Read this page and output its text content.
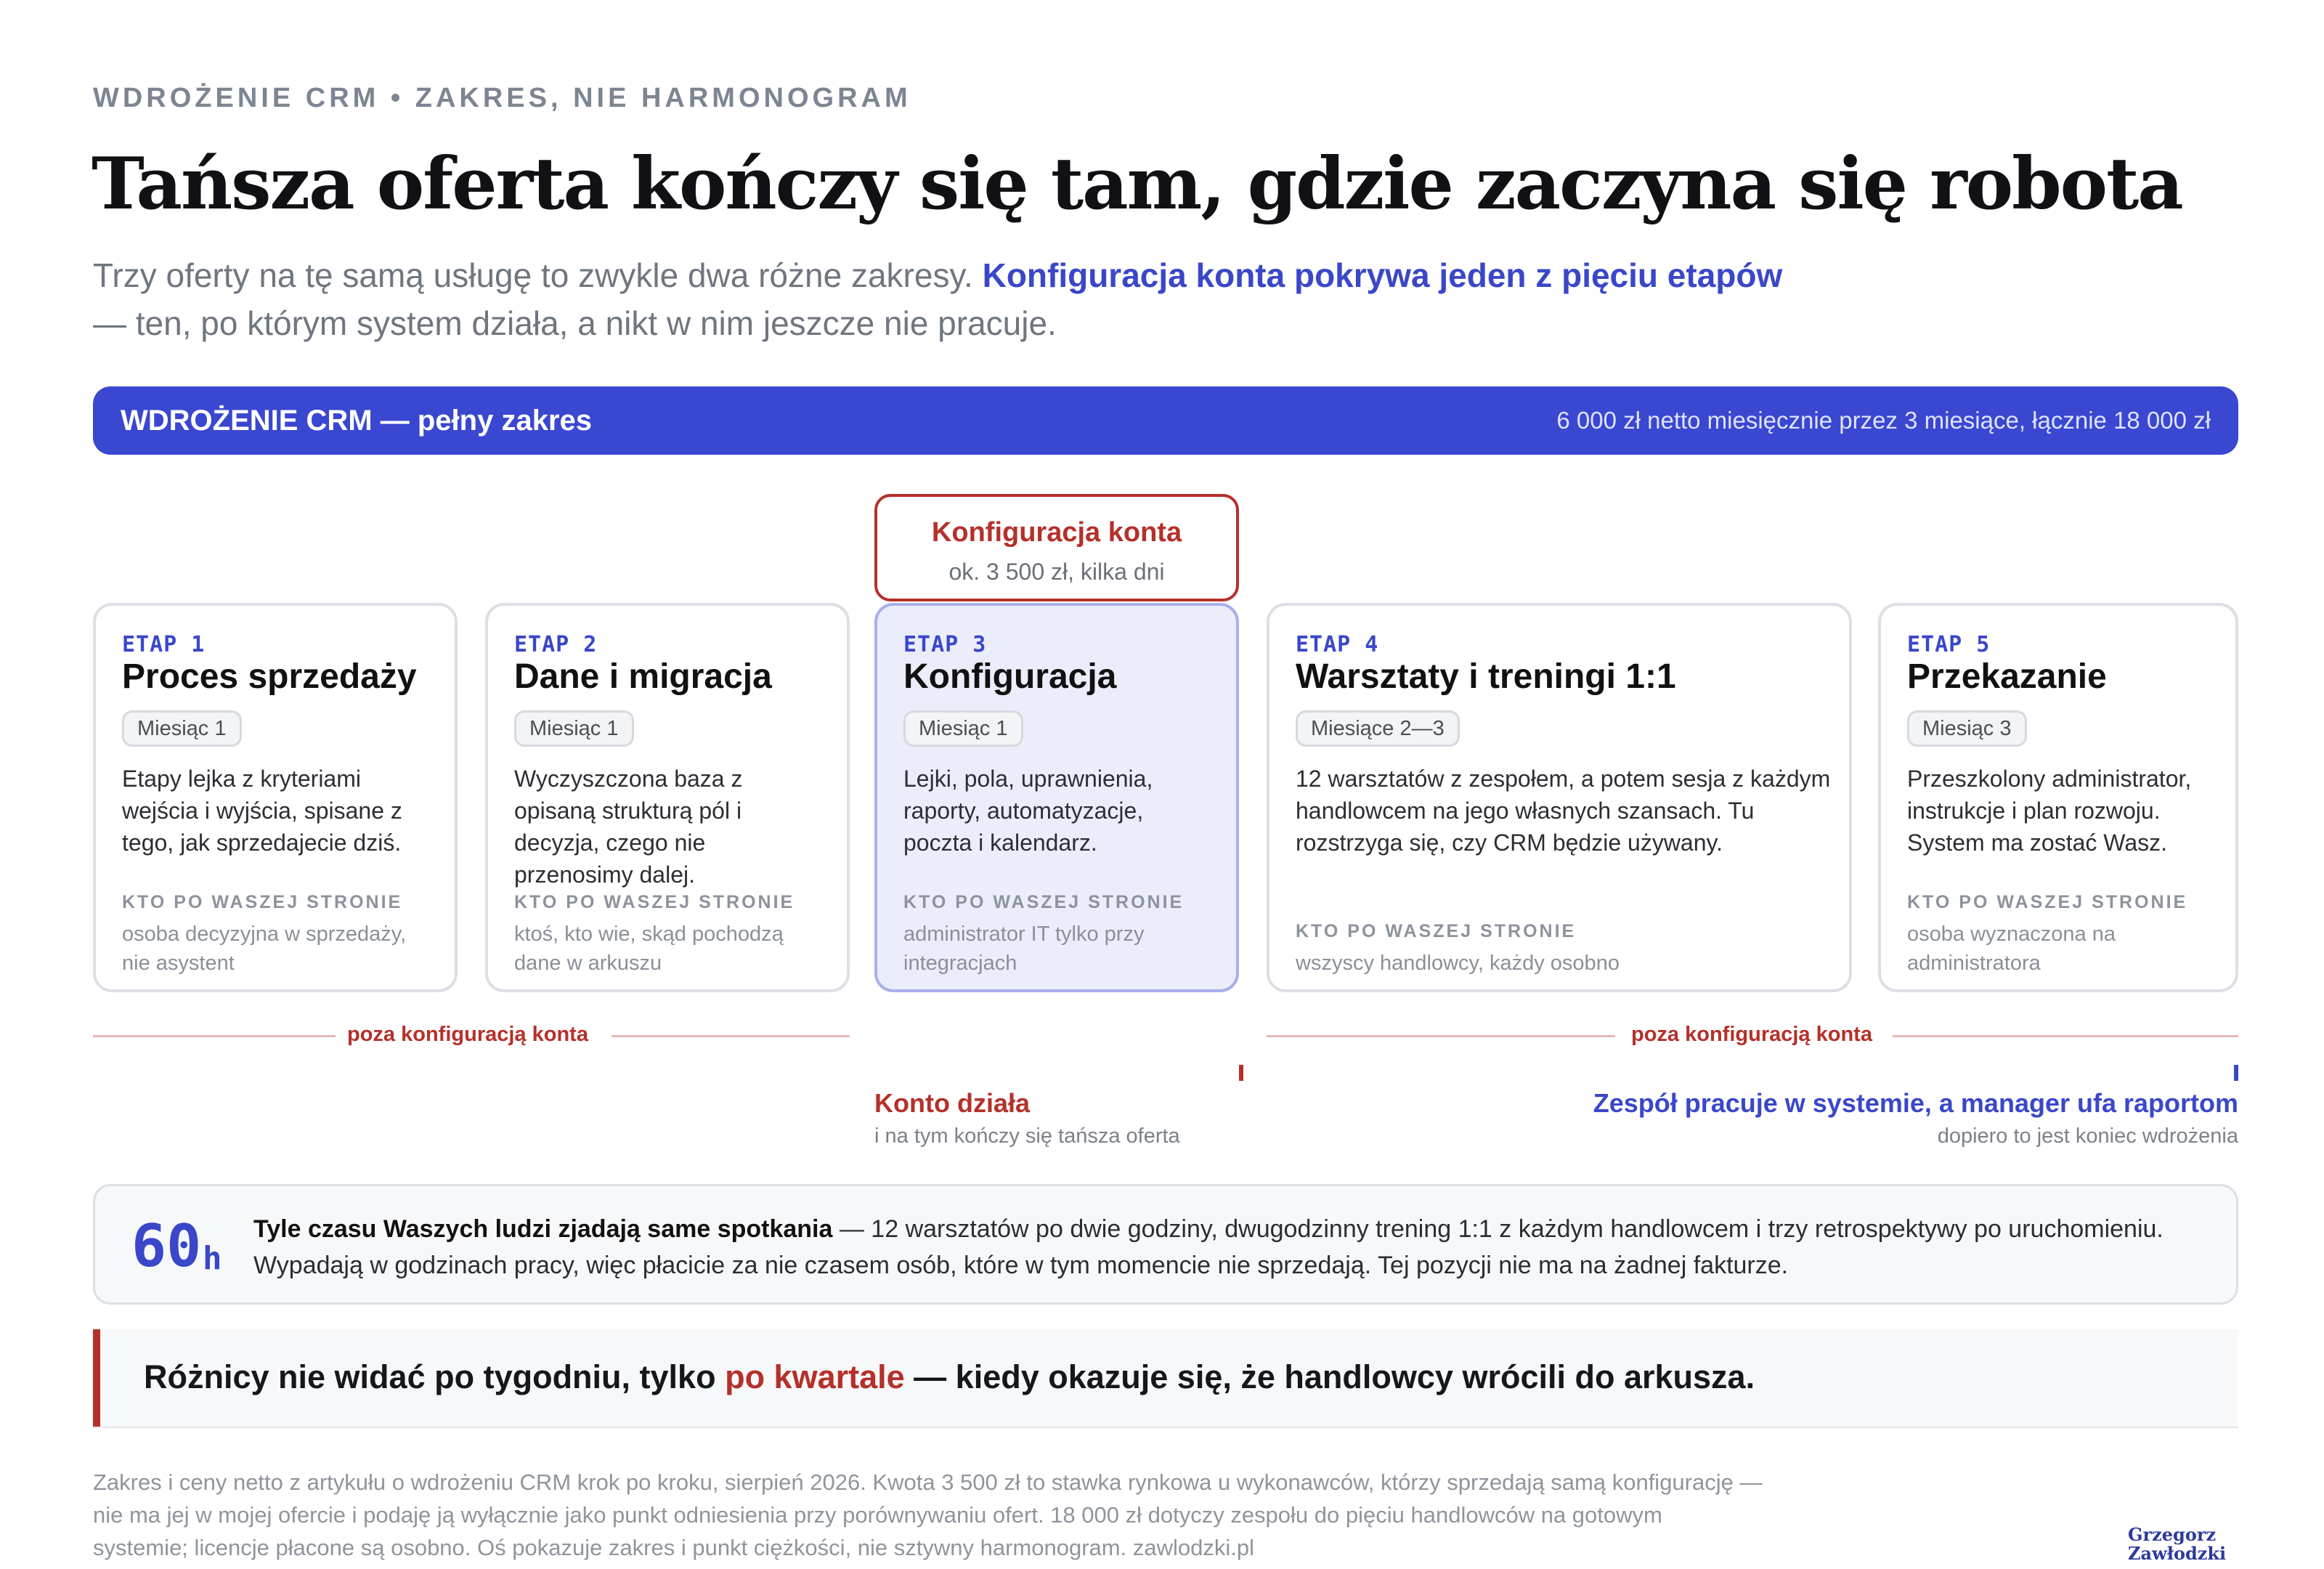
WDROŻENIE CRM • ZAKRES, NIE HARMONOGRAM
Tańsza oferta kończy się tam, gdzie zaczyna się robota
Trzy oferty na tę samą usługę to zwykle dwa różne zakresy. Konfiguracja konta pokrywa jeden z pięciu etapów
— ten, po którym system działa, a nikt w nim jeszcze nie pracuje.
WDROŻENIE CRM — pełny zakres	6 000 zł netto miesięcznie przez 3 miesiące, łącznie 18 000 zł
Konfiguracja konta
ok. 3 500 zł, kilka dni
ETAP 1
Proces sprzedaży
Miesiąc 1
Etapy lejka z kryteriami wejścia i wyjścia, spisane z tego, jak sprzedajecie dziś.
KTO PO WASZEJ STRONIE
osoba decyzyjna w sprzedaży, nie asystent
ETAP 2
Dane i migracja
Miesiąc 1
Wyczyszczona baza z opisaną strukturą pól i decyzja, czego nie przenosimy dalej.
KTO PO WASZEJ STRONIE
ktoś, kto wie, skąd pochodzą dane w arkuszu
ETAP 3
Konfiguracja
Miesiąc 1
Lejki, pola, uprawnienia, raporty, automatyzacje, poczta i kalendarz.
KTO PO WASZEJ STRONIE
administrator IT tylko przy integracjach
ETAP 4
Warsztaty i treningi 1:1
Miesiące 2—3
12 warsztatów z zespołem, a potem sesja z każdym handlowcem na jego własnych szansach. Tu rozstrzyga się, czy CRM będzie używany.
KTO PO WASZEJ STRONIE
wszyscy handlowcy, każdy osobno
ETAP 5
Przekazanie
Miesiąc 3
Przeszkolony administrator, instrukcje i plan rozwoju. System ma zostać Wasz.
KTO PO WASZEJ STRONIE
osoba wyznaczona na administratora
poza konfiguracją konta	poza konfiguracją konta
Konto działa
i na tym kończy się tańsza oferta
Zespół pracuje w systemie, a manager ufa raportom
dopiero to jest koniec wdrożenia
60 h
Tyle czasu Waszych ludzi zjadają same spotkania — 12 warsztatów po dwie godziny, dwugodzinny trening 1:1 z każdym handlowcem i trzy retrospektywy po uruchomieniu. Wypadają w godzinach pracy, więc płacicie za nie czasem osób, które w tym momencie nie sprzedają. Tej pozycji nie ma na żadnej fakturze.
Różnicy nie widać po tygodniu, tylko po kwartale — kiedy okazuje się, że handlowcy wrócili do arkusza.
Zakres i ceny netto z artykułu o wdrożeniu CRM krok po kroku, sierpień 2026. Kwota 3 500 zł to stawka rynkowa u wykonawców, którzy sprzedają samą konfigurację — nie ma jej w mojej ofercie i podaję ją wyłącznie jako punkt odniesienia przy porównywaniu ofert. 18 000 zł dotyczy zespołu do pięciu handlowców na gotowym systemie; licencje płacone są osobno. Oś pokazuje zakres i punkt ciężkości, nie sztywny harmonogram. zawlodzki.pl
Grzegorz
Zawłodzki
